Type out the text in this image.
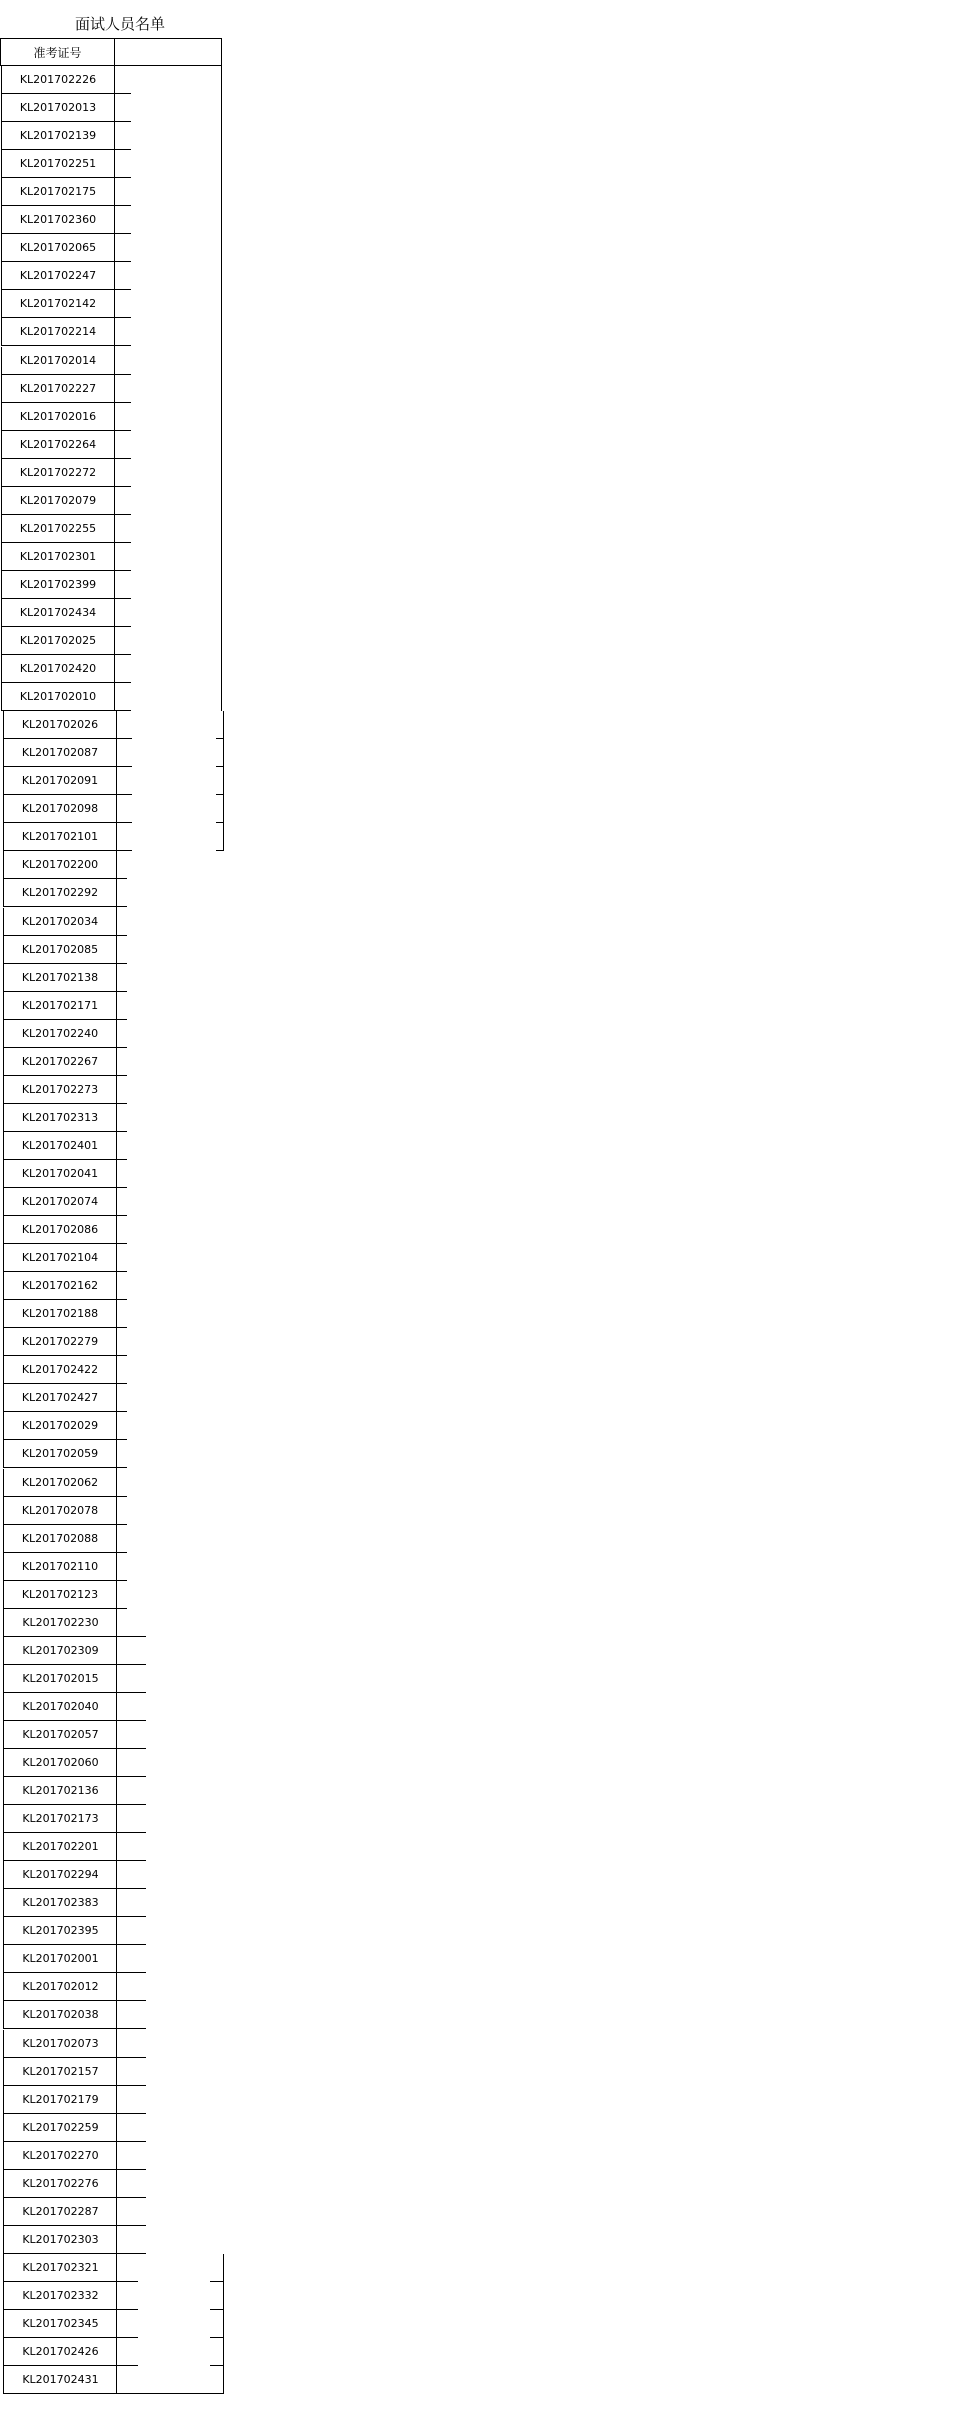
面试人员名单
准考证号
KL201702226
KL201702013
KL201702139
KL201702251
KL201702175
KL201702360
KL201702065
KL201702247
KL201702142
KL201702214
KL201702014
KL201702227
KL201702016
KL201702264
KL201702272
KL201702079
KL201702255
KL201702301
KL201702399
KL201702434
KL201702025
KL201702420
KL201702010
KL201702026
KL201702087
KL201702091
KL201702098
KL201702101
KL201702200
KL201702292
KL201702034
KL201702085
KL201702138
KL201702171
KL201702240
KL201702267
KL201702273
KL201702313
KL201702401
KL201702041
KL201702074
KL201702086
KL201702104
KL201702162
KL201702188
KL201702279
KL201702422
KL201702427
KL201702029
KL201702059
KL201702062
KL201702078
KL201702088
KL201702110
KL201702123
KL201702230
KL201702309
KL201702015
KL201702040
KL201702057
KL201702060
KL201702136
KL201702173
KL201702201
KL201702294
KL201702383
KL201702395
KL201702001
KL201702012
KL201702038
KL201702073
KL201702157
KL201702179
KL201702259
KL201702270
KL201702276
KL201702287
KL201702303
KL201702321
KL201702332
KL201702345
KL201702426
KL201702431
